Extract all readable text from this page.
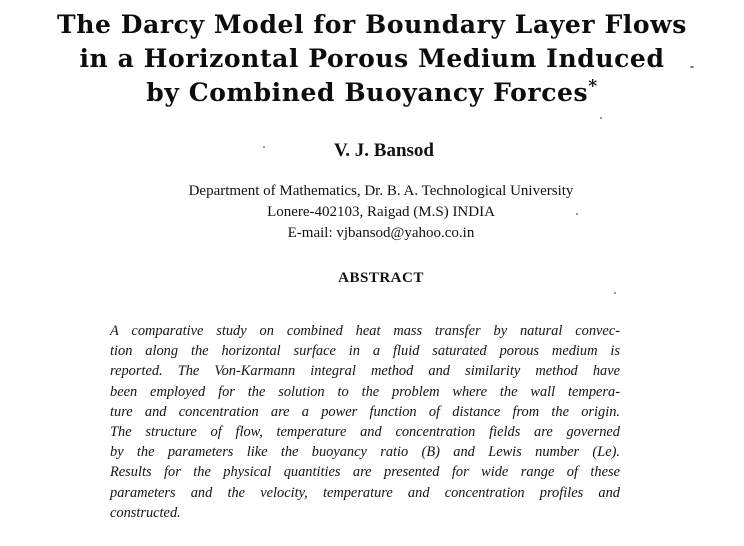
The Darcy Model for Boundary Layer Flows
in a Horizontal Porous Medium Induced
by Combined Buoyancy Forces*
V. J. Bansod
Department of Mathematics, Dr. B. A. Technological University
Lonere-402103, Raigad (M.S) INDIA
E-mail: vjbansod@yahoo.co.in
ABSTRACT
A comparative study on combined heat mass transfer by natural convec-
tion along the horizontal surface in a fluid saturated porous medium is
reported. The Von-Karmann integral method and similarity method have
been employed for the solution to the problem where the wall tempera-
ture and concentration are a power function of distance from the origin.
The structure of flow, temperature and concentration fields are governed
by the parameters like the buoyancy ratio (B) and Lewis number (Le).
Results for the physical quantities are presented for wide range of these
parameters and the velocity, temperature and concentration profiles and
constructed.
